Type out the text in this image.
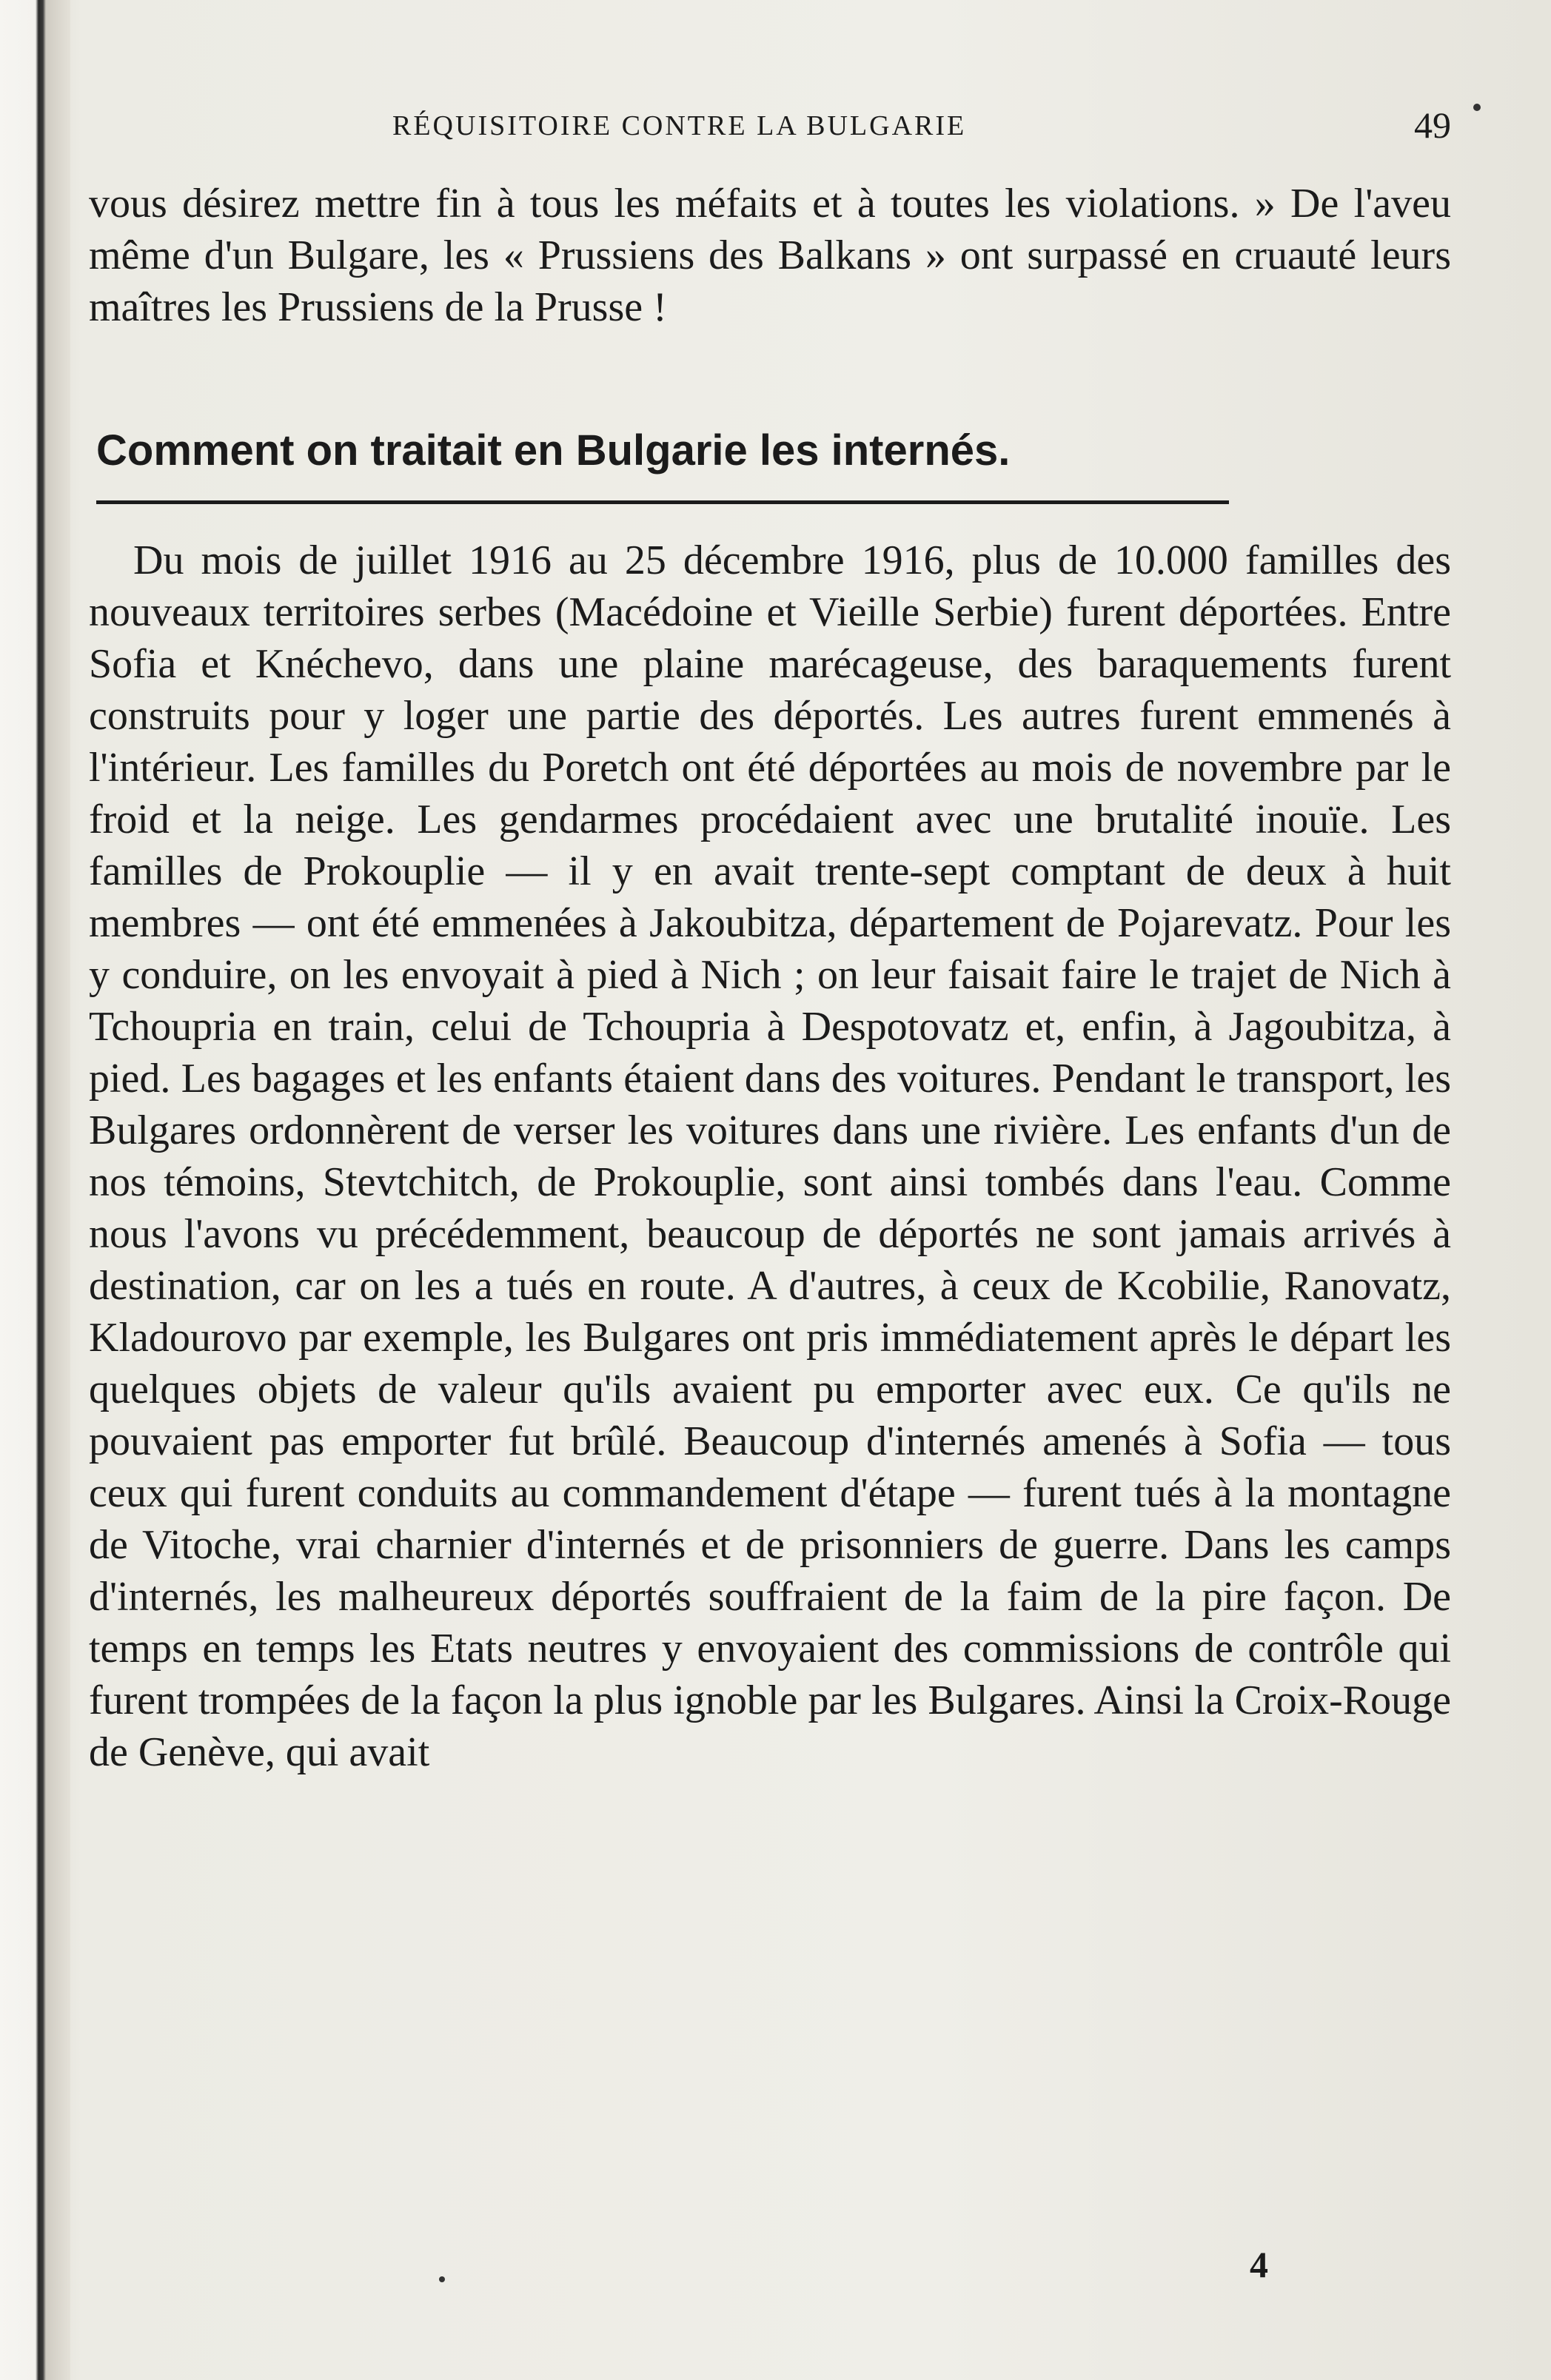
RÉQUISITOIRE CONTRE LA BULGARIE	49

vous désirez mettre fin à tous les méfaits et à toutes les violations. » De l'aveu même d'un Bulgare, les « Prussiens des Balkans » ont surpassé en cruauté leurs maîtres les Prussiens de la Prusse !

Comment on traitait en Bulgarie les internés.

Du mois de juillet 1916 au 25 décembre 1916, plus de 10.000 familles des nouveaux territoires serbes (Macédoine et Vieille Serbie) furent déportées. Entre Sofia et Knéchevo, dans une plaine marécageuse, des baraquements furent construits pour y loger une partie des déportés. Les autres furent emmenés à l'intérieur. Les familles du Poretch ont été déportées au mois de novembre par le froid et la neige. Les gendarmes procédaient avec une brutalité inouïe. Les familles de Prokouplie — il y en avait trente-sept comptant de deux à huit membres — ont été emmenées à Jakoubitza, département de Pojarevatz. Pour les y conduire, on les envoyait à pied à Nich ; on leur faisait faire le trajet de Nich à Tchoupria en train, celui de Tchoupria à Despotovatz et, enfin, à Jagoubitza, à pied. Les bagages et les enfants étaient dans des voitures. Pendant le transport, les Bulgares ordonnèrent de verser les voitures dans une rivière. Les enfants d'un de nos témoins, Stevtchitch, de Prokouplie, sont ainsi tombés dans l'eau. Comme nous l'avons vu précédemment, beaucoup de déportés ne sont jamais arrivés à destination, car on les a tués en route. A d'autres, à ceux de Kcobilie, Ranovatz, Kladourovo par exemple, les Bulgares ont pris immédiatement après le départ les quelques objets de valeur qu'ils avaient pu emporter avec eux. Ce qu'ils ne pouvaient pas emporter fut brûlé. Beaucoup d'internés amenés à Sofia — tous ceux qui furent conduits au commandement d'étape — furent tués à la montagne de Vitoche, vrai charnier d'internés et de prisonniers de guerre. Dans les camps d'internés, les malheureux déportés souffraient de la faim de la pire façon. De temps en temps les Etats neutres y envoyaient des commissions de contrôle qui furent trompées de la façon la plus ignoble par les Bulgares. Ainsi la Croix-Rouge de Genève, qui avait

4
